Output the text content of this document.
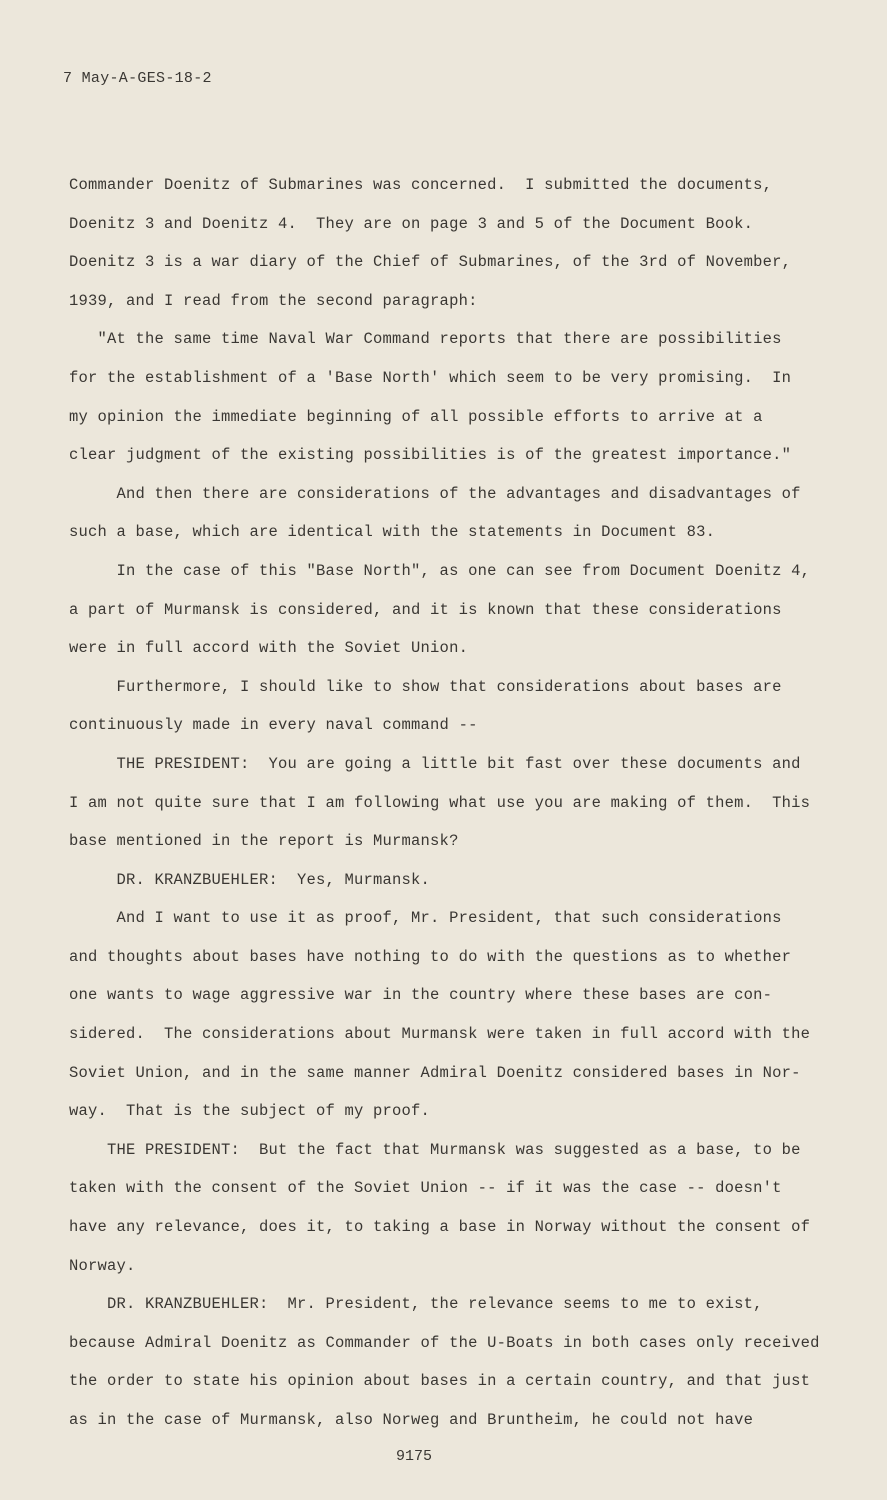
7 May-A-GES-18-2
Commander Doenitz of Submarines was concerned.  I submitted the documents,
Doenitz 3 and Doenitz 4.  They are on page 3 and 5 of the Document Book.
Doenitz 3 is a war diary of the Chief of Submarines, of the 3rd of November,
1939, and I read from the second paragraph:
"At the same time Naval War Command reports that there are possibilities
for the establishment of a 'Base North' which seem to be very promising.  In
my opinion the immediate beginning of all possible efforts to arrive at a
clear judgment of the existing possibilities is of the greatest importance."
And then there are considerations of the advantages and disadvantages of
such a base, which are identical with the statements in Document 83.
In the case of this "Base North", as one can see from Document Doenitz 4,
a part of Murmansk is considered, and it is known that these considerations
were in full accord with the Soviet Union.
Furthermore, I should like to show that considerations about bases are
continuously made in every naval command --
THE PRESIDENT:  You are going a little bit fast over these documents and
I am not quite sure that I am following what use you are making of them.  This
base mentioned in the report is Murmansk?
DR. KRANZBUEHLER:  Yes, Murmansk.
And I want to use it as proof, Mr. President, that such considerations
and thoughts about bases have nothing to do with the questions as to whether
one wants to wage aggressive war in the country where these bases are con-
sidered.  The considerations about Murmansk were taken in full accord with the
Soviet Union, and in the same manner Admiral Doenitz considered bases in Nor-
way.  That is the subject of my proof.
THE PRESIDENT:  But the fact that Murmansk was suggested as a base, to be
taken with the consent of the Soviet Union -- if it was the case -- doesn't
have any relevance, does it, to taking a base in Norway without the consent of
Norway.
DR. KRANZBUEHLER:  Mr. President, the relevance seems to me to exist,
because Admiral Doenitz as Commander of the U-Boats in both cases only received
the order to state his opinion about bases in a certain country, and that just
as in the case of Murmansk, also Norweg and Bruntheim, he could not have
9175
